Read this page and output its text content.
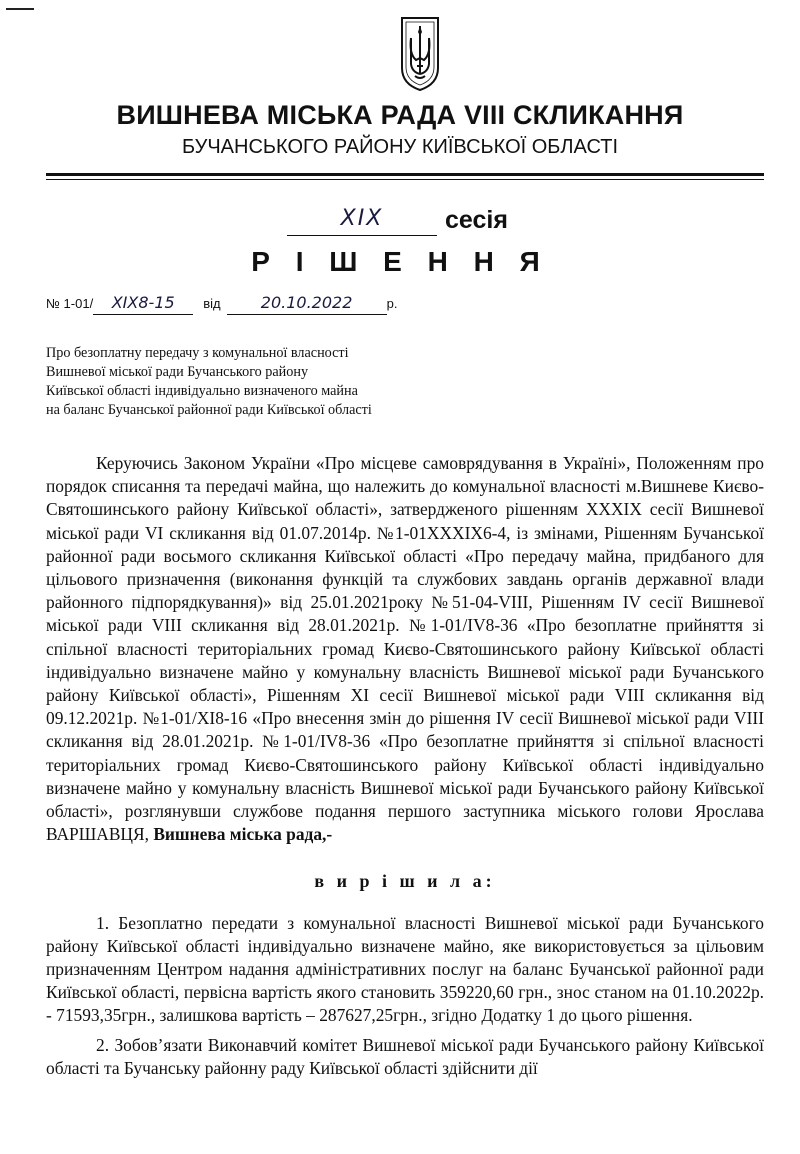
ВИШНЕВА МІСЬКА РАДА VIII СКЛИКАННЯ
БУЧАНСЬКОГО РАЙОНУ КИЇВСЬКОЇ ОБЛАСТІ
XIX сесія
Р І Ш Е Н Н Я
№ 1-01/ XIX8-15 від	20.10.2022	р.
Про безоплатну передачу з комунальної власності
Вишневої міської ради Бучанського району
Київської області індивідуально визначеного майна
на баланс Бучанської районної ради Київської області

Керуючись Законом України «Про місцеве самоврядування в Україні», Положенням про порядок списання та передачі майна, що належить до комунальної власності м.Вишневе Києво-Святошинського району Київської області», затвердженого рішенням XXXIX сесії Вишневої міської ради VI скликання від 01.07.2014р. №1-01XXXIX6-4, із змінами, Рішенням Бучанської районної ради восьмого скликання Київської області «Про передачу майна, придбаного для цільового призначення (виконання функцій та службових завдань органів державної влади районного підпорядкування)» від 25.01.2021року №51-04-VIII, Рішенням IV сесії Вишневої міської ради VIII скликання від 28.01.2021р. №1-01/IV8-36 «Про безоплатне прийняття зі спільної власності територіальних громад Києво-Святошинського району Київської області індивідуально визначене майно у комунальну власність Вишневої міської ради Бучанського району Київської області», Рішенням XI сесії Вишневої міської ради VIII скликання від 09.12.2021р. №1-01/XI8-16 «Про внесення змін до рішення IV сесії Вишневої міської ради VIII скликання від 28.01.2021р. №1-01/IV8-36 «Про безоплатне прийняття зі спільної власності територіальних громад Києво-Святошинського району Київської області індивідуально визначене майно у комунальну власність Вишневої міської ради Бучанського району Київської області», розглянувши службове подання першого заступника міського голови Ярослава ВАРШАВЦЯ, Вишнева міська рада,-

в и р і ш и л а:

1. Безоплатно передати з комунальної власності Вишневої міської ради Бучанського району Київської області індивідуально визначене майно, яке використовується за цільовим призначенням Центром надання адміністративних послуг на баланс Бучанської районної ради Київської області, первісна вартість якого становить 359220,60 грн., знос станом на 01.10.2022р. - 71593,35грн., залишкова вартість – 287627,25грн., згідно Додатку 1 до цього рішення.

2. Зобов’язати Виконавчий комітет Вишневої міської ради Бучанського району Київської області та Бучанську районну раду Київської області здійснити дії
